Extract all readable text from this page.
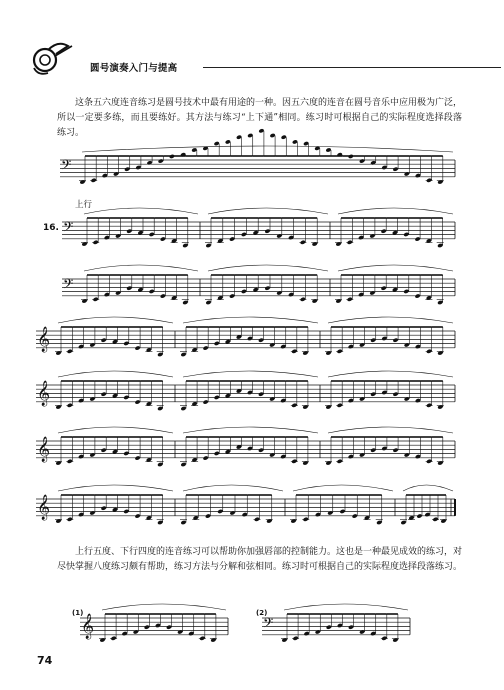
圆号演奏入门与提高

这条五六度连音练习是圆号技术中最有用途的一种。因五六度的连音在圆号音乐中应用极为广泛，所以一定要多练，而且要练好。其方法与练习“上下通”相同。练习时可根据自己的实际程度选择段落练习。

𝄢
𝄢
𝄢
𝄞
𝄞
𝄞
𝄞
𝄞	𝄢
上行
16.

上行五度、下行四度的连音练习可以帮助你加强唇部的控制能力。这也是一种最见成效的练习，对尽快掌握八度练习颇有帮助，练习方法与分解和弦相同。练习时可根据自己的实际程度选择段落练习。

(1)	(2)
74
